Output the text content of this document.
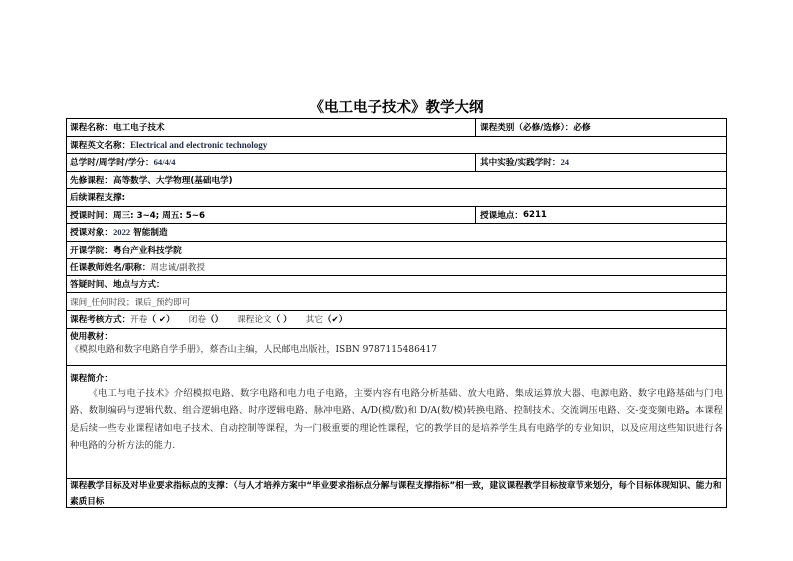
《电工电子技术》教学大纲
课程名称： 电工电子技术	课程类别（必修/选修）： 必修
课程英文名称： Electrical and electronic technology
总学时/周学时/学分： 64/4/4	其中实验/实践学时： 24
先修课程： 高等数学、大学物理(基础电学)
后续课程支撑:
授课时间： 周三: 3~4; 周五: 5~6	授课地点： 6211
授课对象： 2022 智能制造
开课学院： 粤台产业科技学院
任课教师姓名/职称： 周忠诚/副教授
答疑时间、地点与方式：
课间_任何时段；课后_预约即可
课程考核方式： 开卷（ ✔） 闭卷（） 课程论文（ ） 其它（✔）
使用教材：
《模拟电路和数字电路自学手册》，蔡杏山主编，人民邮电出版社，ISBN 9787115486417
课程简介：
《电工与电子技术》介绍模拟电路、数字电路和电力电子电路，主要内容有电路分析基础、放大电路、集成运算放大器、电源电路、数字电路基础与门电路、数制编码与逻辑代数、组合逻辑电路、时序逻辑电路、脉冲电路、A/D(模/数)和 D/A(数/模)转换电路、控制技术、交流调压电路、交-变变频电路。本课程是后续一些专业课程诸如电子技术、自动控制等课程，为一门极重要的理论性课程，它的教学目的是培养学生具有电路学的专业知识，以及应用这些知识进行各种电路的分析方法的能力.
课程教学目标及对毕业要求指标点的支撑：（与人才培养方案中“毕业要求指标点分解与课程支撑指标”相一致，建议课程教学目标按章节来划分，每个目标体现知识、能力和素质目标
